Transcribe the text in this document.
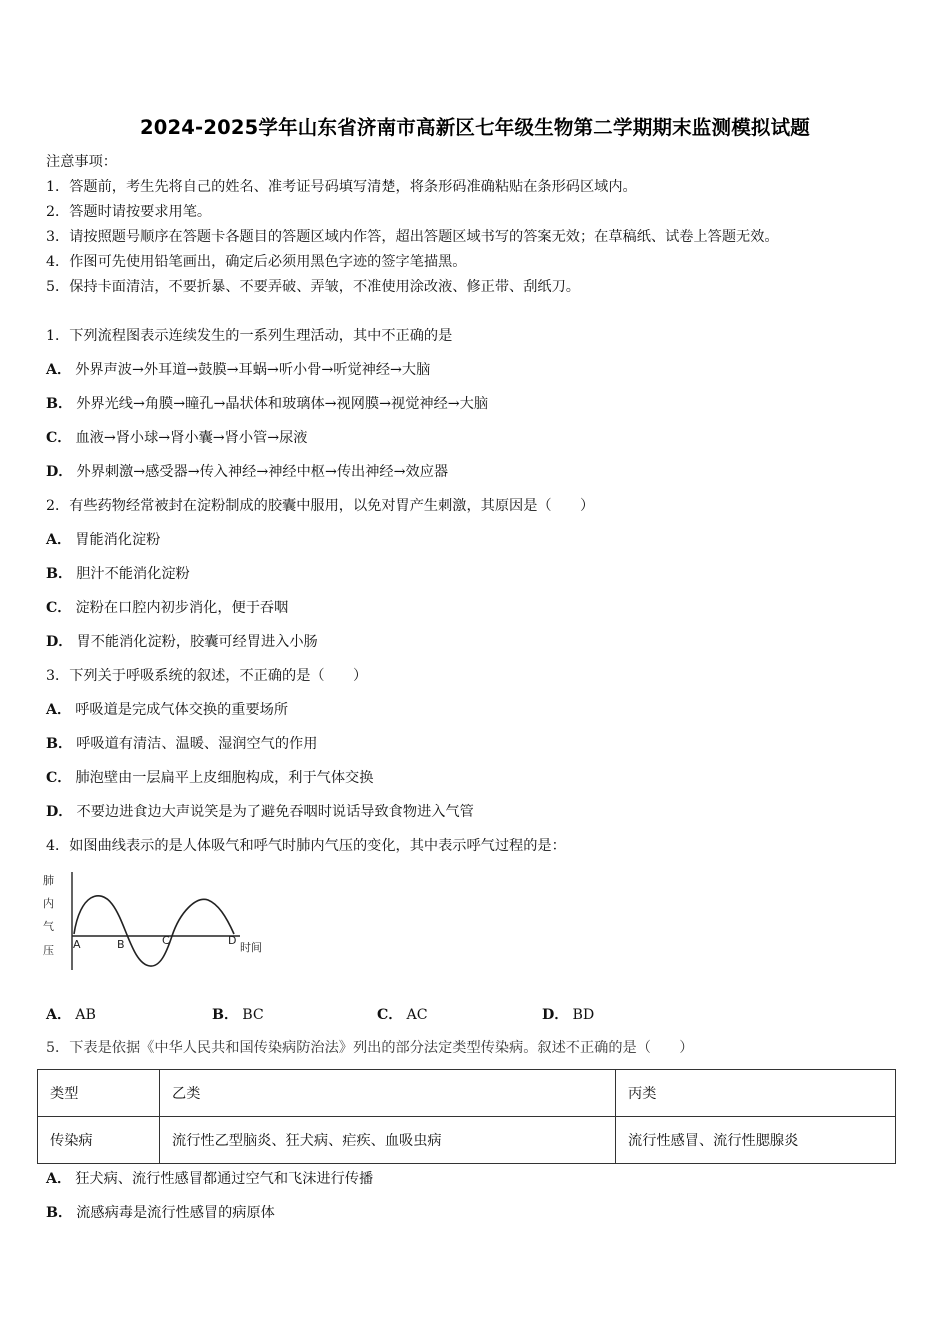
2024-2025学年山东省济南市高新区七年级生物第二学期期末监测模拟试题
注意事项：
1．答题前，考生先将自己的姓名、准考证号码填写清楚，将条形码准确粘贴在条形码区域内。
2．答题时请按要求用笔。
3．请按照题号顺序在答题卡各题目的答题区域内作答，超出答题区域书写的答案无效；在草稿纸、试卷上答题无效。
4．作图可先使用铅笔画出，确定后必须用黑色字迹的签字笔描黑。
5．保持卡面清洁，不要折暴、不要弄破、弄皱，不准使用涂改液、修正带、刮纸刀。
1．下列流程图表示连续发生的一系列生理活动，其中不正确的是
A． 外界声波→外耳道→鼓膜→耳蜗→听小骨→听觉神经→大脑
B． 外界光线→角膜→瞳孔→晶状体和玻璃体→视网膜→视觉神经→大脑
C． 血液→肾小球→肾小囊→肾小管→尿液
D． 外界刺激→感受器→传入神经→神经中枢→传出神经→效应器
2．有些药物经常被封在淀粉制成的胶囊中服用，以免对胃产生刺激，其原因是（　　）
A． 胃能消化淀粉
B． 胆汁不能消化淀粉
C． 淀粉在口腔内初步消化，便于吞咽
D． 胃不能消化淀粉，胶囊可经胃进入小肠
3．下列关于呼吸系统的叙述，不正确的是（　　）
A． 呼吸道是完成气体交换的重要场所
B． 呼吸道有清洁、温暖、湿润空气的作用
C． 肺泡壁由一层扁平上皮细胞构成，利于气体交换
D． 不要边进食边大声说笑是为了避免吞咽时说话导致食物进入气管
4．如图曲线表示的是人体吸气和呼气时肺内气压的变化，其中表示呼气过程的是：
肺
内
气
压 A	B	C	D
时间
A． AB	B． BC	C． AC	D． BD
5．下表是依据《中华人民共和国传染病防治法》列出的部分法定类型传染病。叙述不正确的是（　　）
类型	乙类	丙类
传染病	流行性乙型脑炎、狂犬病、疟疾、血吸虫病	流行性感冒、流行性腮腺炎
A． 狂犬病、流行性感冒都通过空气和飞沫进行传播
B． 流感病毒是流行性感冒的病原体
